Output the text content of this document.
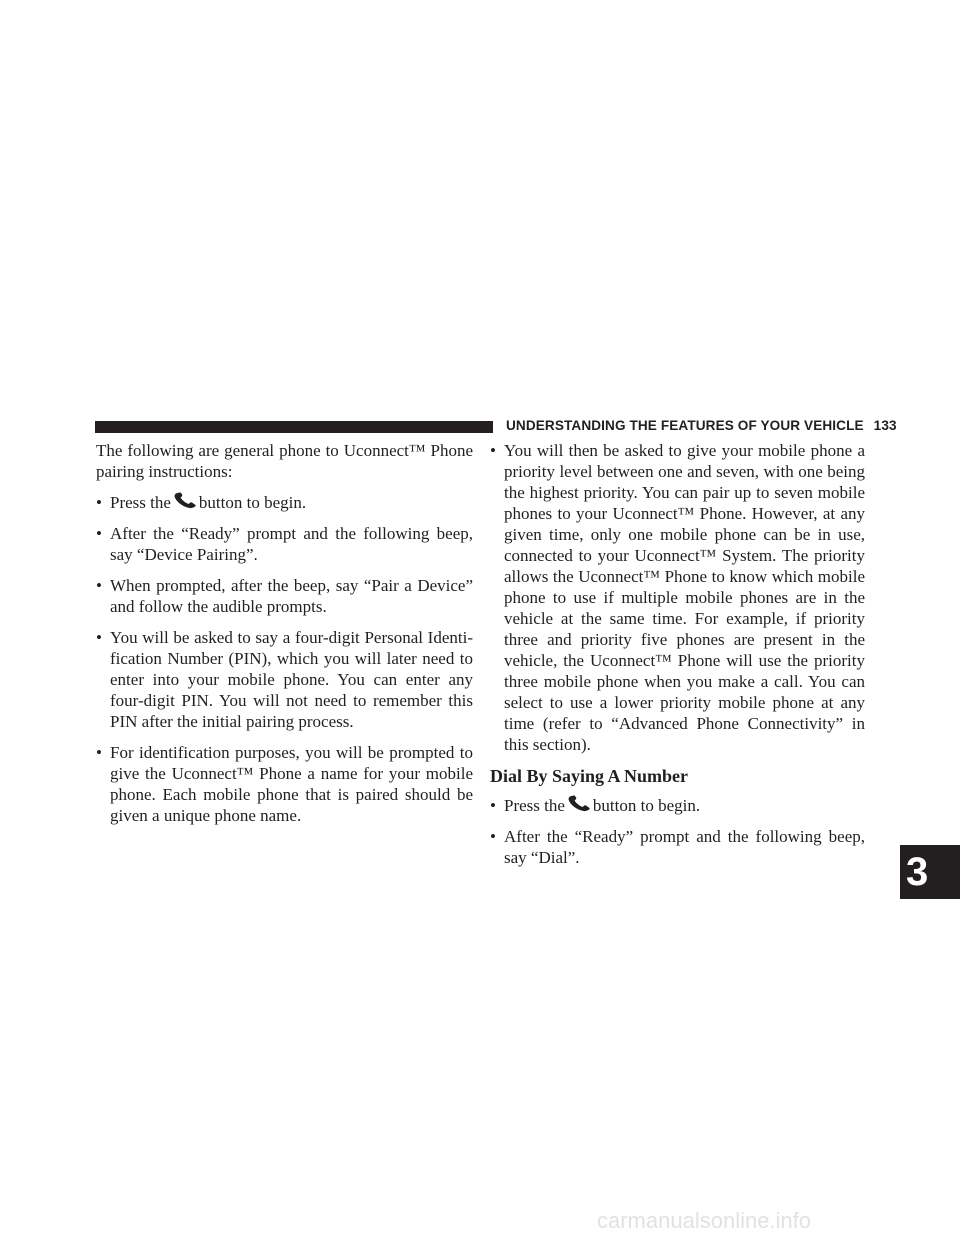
UNDERSTANDING THE FEATURES OF YOUR VEHICLE 133
3

The following are general phone to Uconnect™ Phone pairing instructions:

• Press the button to begin.
• After the “Ready” prompt and the following beep, say “Device Pairing”.
• When prompted, after the beep, say “Pair a Device” and follow the audible prompts.
• You will be asked to say a four-digit Personal Identi-fication Number (PIN), which you will later need to enter into your mobile phone. You can enter any four-digit PIN. You will not need to remember this PIN after the initial pairing process.
• For identification purposes, you will be prompted to give the Uconnect™ Phone a name for your mobile phone. Each mobile phone that is paired should be given a unique phone name.
• You will then be asked to give your mobile phone a priority level between one and seven, with one being the highest priority. You can pair up to seven mobile phones to your Uconnect™ Phone. However, at any given time, only one mobile phone can be in use, connected to your Uconnect™ System. The priority allows the Uconnect™ Phone to know which mobile phone to use if multiple mobile phones are in the vehicle at the same time. For example, if priority three and priority five phones are present in the vehicle, the Uconnect™ Phone will use the priority three mobile phone when you make a call. You can select to use a lower priority mobile phone at any time (refer to “Advanced Phone Connectivity” in this section).
Dial By Saying A Number
• Press the button to begin.
• After the “Ready” prompt and the following beep, say “Dial”.
carmanualsonline.info
